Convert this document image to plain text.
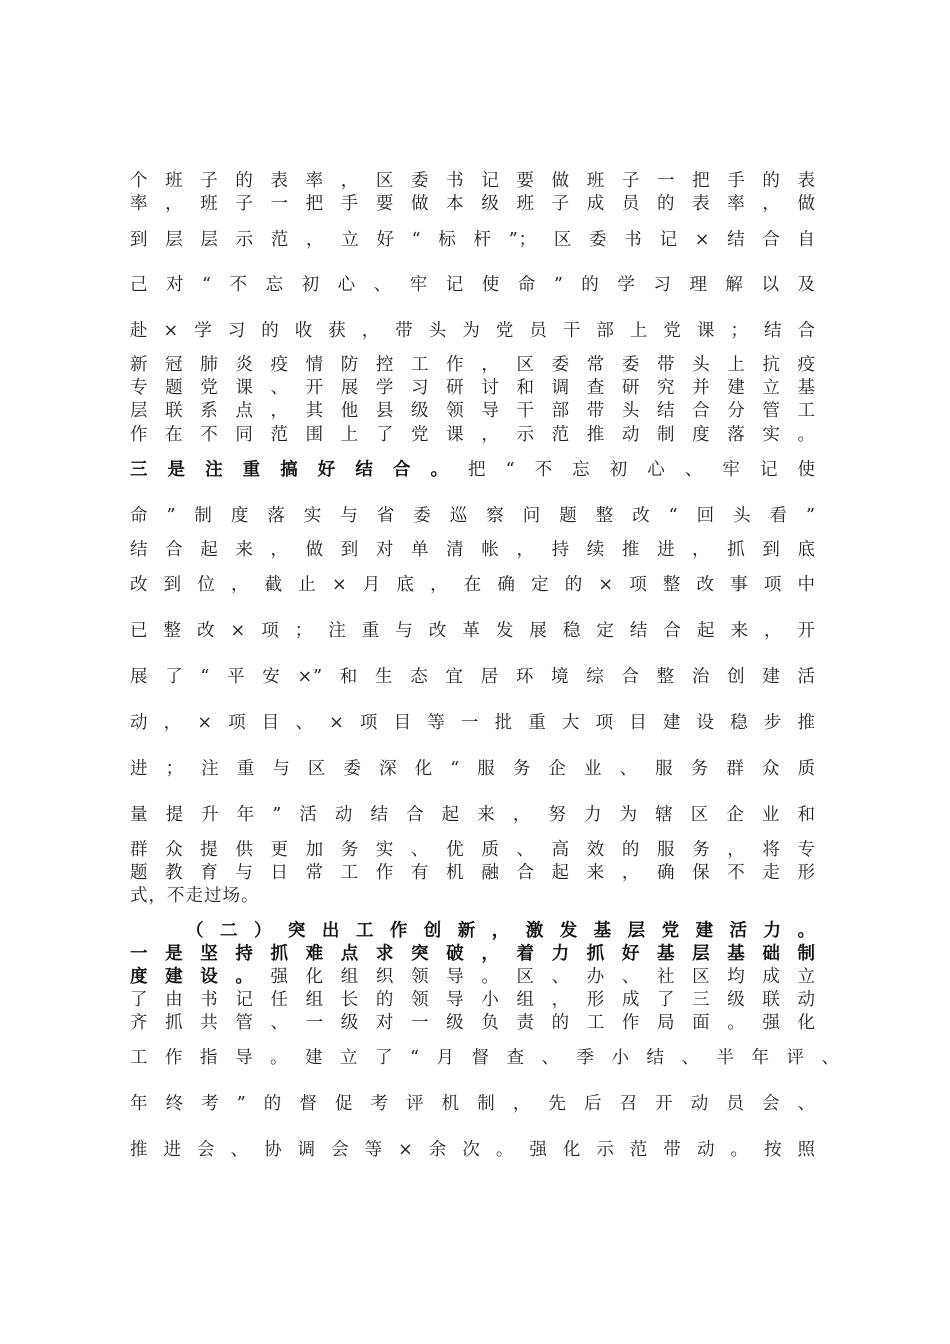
个班子的表率，区委书记要做班子一把手的表
率，班子一把手要做本级班子成员的表率，做
到层层示范，立好“标杆”；区委书记×结合自
己对“不忘初心、牢记使命”的学习理解以及
赴×学习的收获，带头为党员干部上党课；结合
新冠肺炎疫情防控工作，区委常委带头上抗疫
专题党课、开展学习研讨和调查研究并建立基
层联系点，其他县级领导干部带头结合分管工
作在不同范围上了党课，示范推动制度落实。
三是注重搞好结合。把“不忘初心、牢记使
命”制度落实与省委巡察问题整改“回头看”
结合起来，做到对单清帐，持续推进，抓到底
改到位，截止×月底，在确定的×项整改事项中
已整改×项；注重与改革发展稳定结合起来，开
展了“平安×”和生态宜居环境综合整治创建活
动，×项目、×项目等一批重大项目建设稳步推
进；注重与区委深化“服务企业、服务群众质
量提升年”活动结合起来，努力为辖区企业和
群众提供更加务实、优质、高效的服务，将专
题教育与日常工作有机融合起来，确保不走形
式，不走过场。
（二）突出工作创新，激发基层党建活力。
一是坚持抓难点求突破，着力抓好基层基础制
度建设。强化组织领导。区、办、社区均成立
了由书记任组长的领导小组，形成了三级联动
齐抓共管、一级对一级负责的工作局面。强化
工作指导。建立了“月督查、季小结、半年评、
年终考”的督促考评机制，先后召开动员会、
推进会、协调会等×余次。强化示范带动。按照
